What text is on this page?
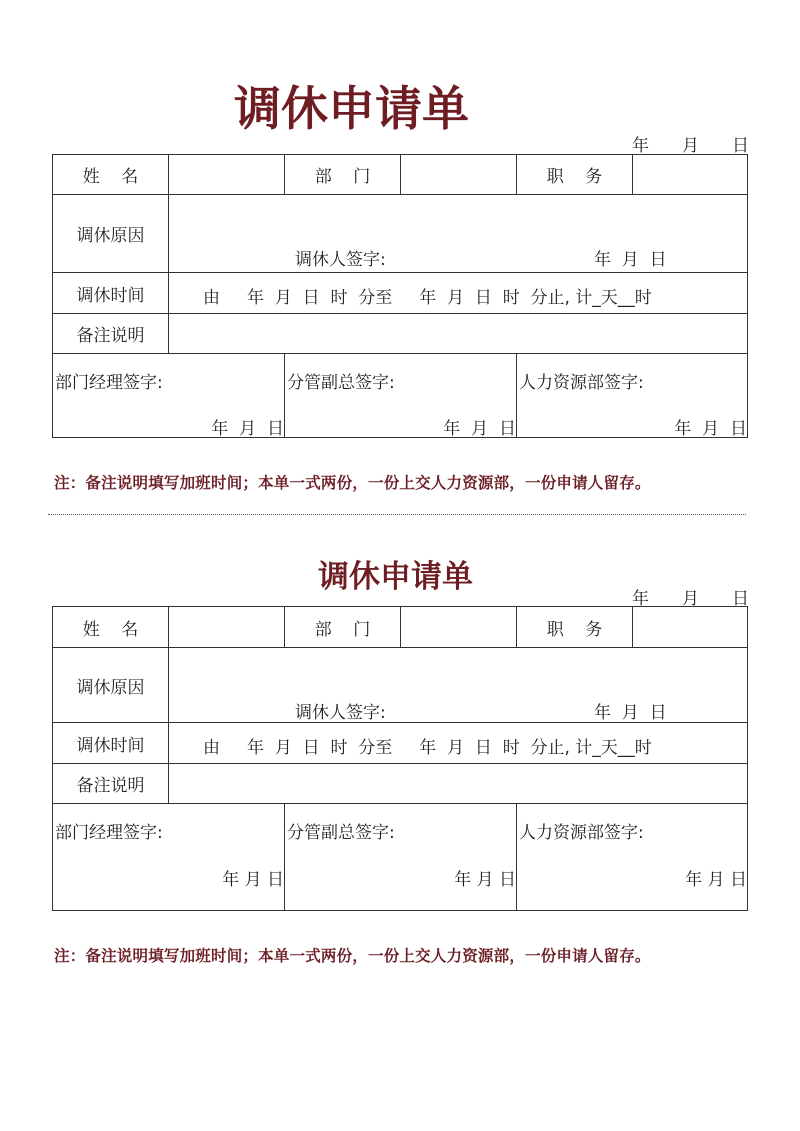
调休申请单
年	月	日
姓    名	部    门	职    务
调休原因
调休人签字:	年  月  日
调休时间	由     年  月  日  时  分至     年  月  日  时  分止, 计_天__时
备注说明
部门经理签字:
年  月  日
分管副总签字:
年  月  日
人力资源部签字:
年  月  日
注：备注说明填写加班时间；本单一式两份，一份上交人力资源部，一份申请人留存。
调休申请单
年	月	日
姓    名	部    门	职    务
调休原因
调休人签字:	年  月  日
调休时间	由     年  月  日  时  分至     年  月  日  时  分止, 计_天__时
备注说明
部门经理签字:
年 月 日
分管副总签字:
年 月 日
人力资源部签字:
年 月 日
注：备注说明填写加班时间；本单一式两份，一份上交人力资源部，一份申请人留存。
